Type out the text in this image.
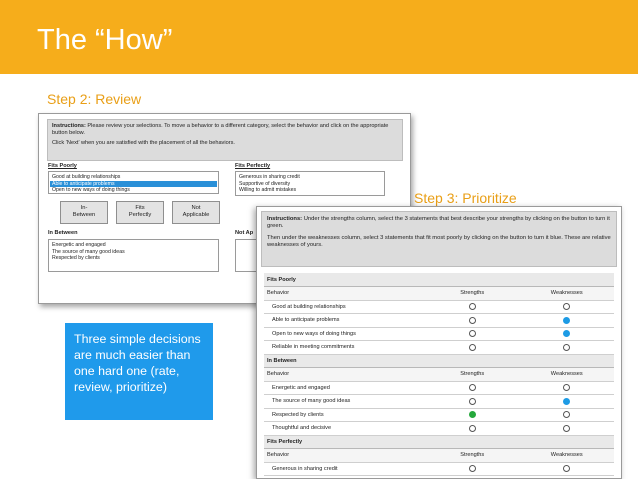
The “How”
Step 2: Review

Instructions: Please review your selections. To move a behavior to a different category, select the behavior and click on the appropriate button below.

Click ‘Next’ when you are satisfied with the placement of all the behaviors.

Fits Poorly
Good at building relationships
Able to anticipate problems
Open to new ways of doing things
In-
Between
Fits
Perfectly
Not
Applicable
Fits Perfectly
Generous in sharing credit
Supportive of diversity
Willing to admit mistakes
In Between
Energetic and engaged
The source of many good ideas
Respected by clients
Not Ap
Step 3: Prioritize
Three simple decisions are much easier than one hard one (rate, review, prioritize)

Instructions: Under the strengths column, select the 3 statements that best describe your strengths by clicking on the button to turn it green.

Then under the weaknesses column, select 3 statements that fit most poorly by clicking on the button to turn it blue. These are relative weaknesses of yours.

Fits Poorly		
Behavior	Strengths	Weaknesses
Good at building relationships		
Able to anticipate problems		
Open to new ways of doing things		
Reliable in meeting commitments		
In Between		
Behavior	Strengths	Weaknesses
Energetic and engaged		
The source of many good ideas		
Respected by clients		
Thoughtful and decisive		
Fits Perfectly		
Behavior	Strengths	Weaknesses
Generous in sharing credit		
